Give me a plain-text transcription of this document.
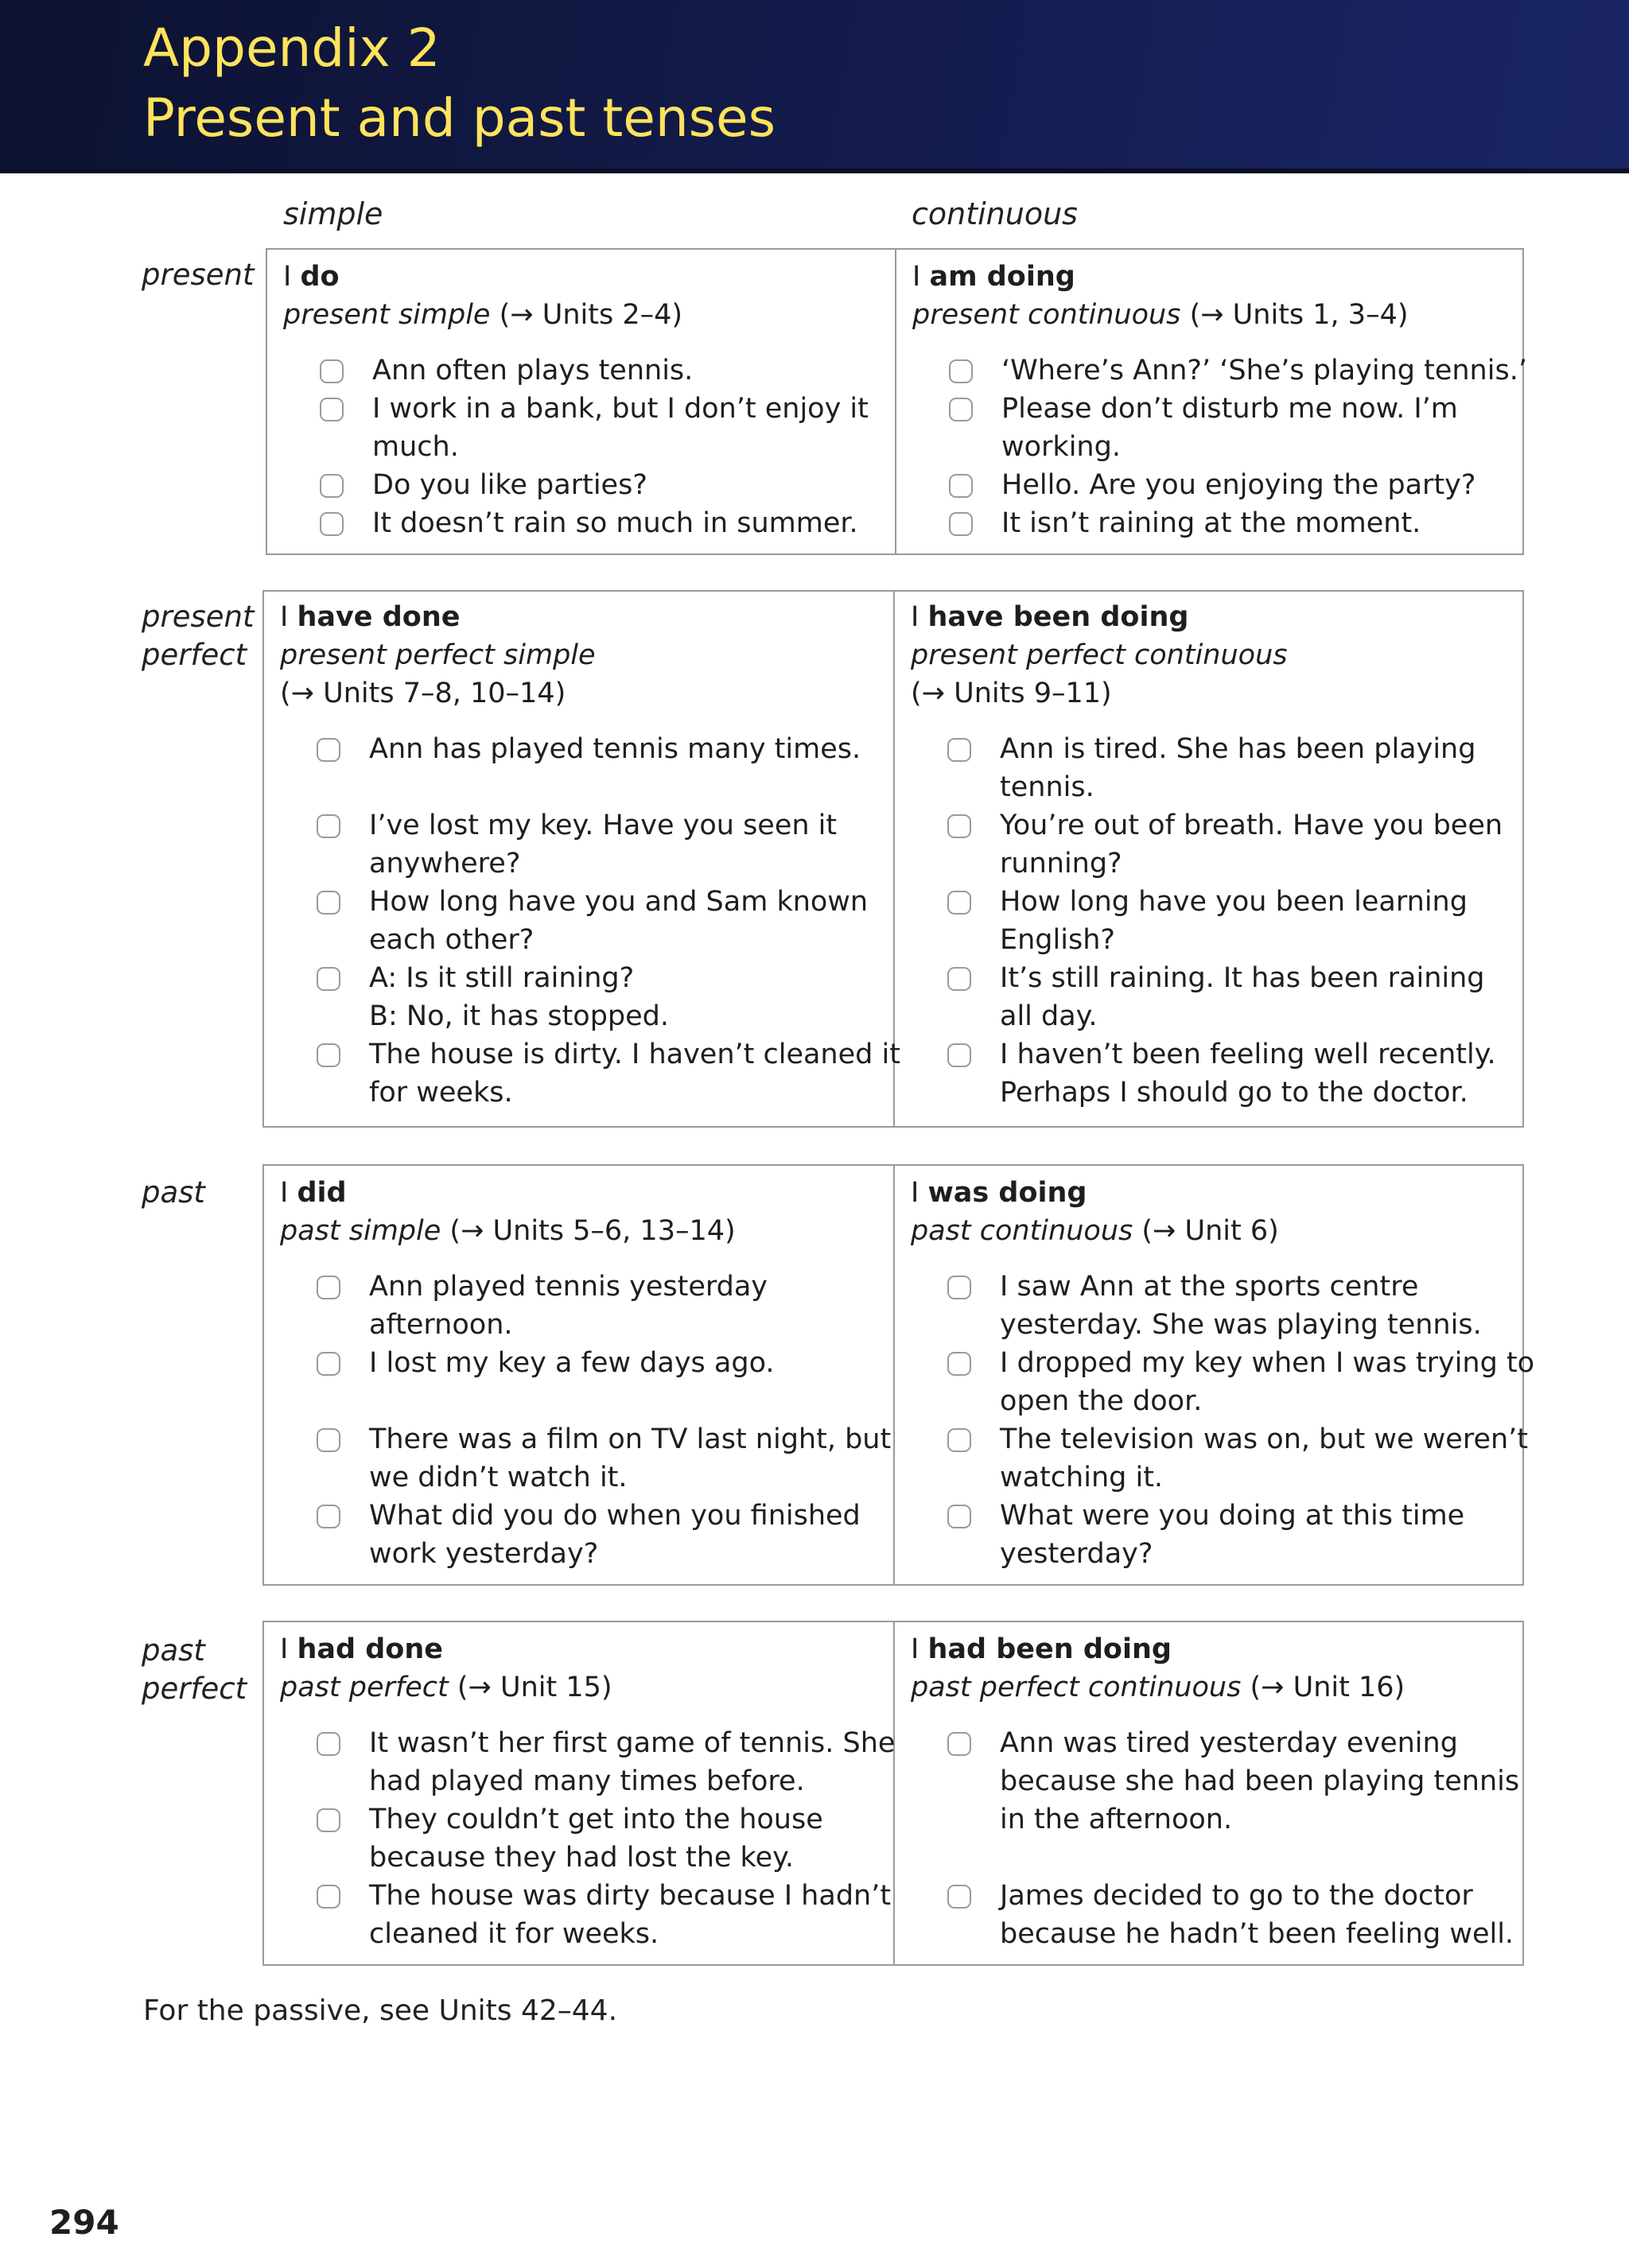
Appendix 2
Present and past tenses
simple	continuous
present I do
present simple (→ Units 2–4)
Ann often plays tennis.
I work in a bank, but I don’t enjoy it
much.
Do you like parties?
It doesn’t rain so much in summer.
I am doing
present continuous (→ Units 1, 3–4)
‘Where’s Ann?’ ‘She’s playing tennis.’
Please don’t disturb me now. I’m
working.
Hello. Are you enjoying the party?
It isn’t raining at the moment.
present
perfect
I have done
present perfect simple
(→ Units 7–8, 10–14)
Ann has played tennis many times.
I’ve lost my key. Have you seen it
anywhere?
How long have you and Sam known
each other?
A: Is it still raining?
B: No, it has stopped.
The house is dirty. I haven’t cleaned it
for weeks.
I have been doing
present perfect continuous
(→ Units 9–11)
Ann is tired. She has been playing
tennis.
You’re out of breath. Have you been
running?
How long have you been learning
English?
It’s still raining. It has been raining
all day.
I haven’t been feeling well recently.
Perhaps I should go to the doctor.
past	I did
past simple (→ Units 5–6, 13–14)
Ann played tennis yesterday
afternoon.
I lost my key a few days ago.
There was a film on TV last night, but
we didn’t watch it.
What did you do when you finished
work yesterday?
I was doing
past continuous (→ Unit 6)
I saw Ann at the sports centre
yesterday. She was playing tennis.
I dropped my key when I was trying to
open the door.
The television was on, but we weren’t
watching it.
What were you doing at this time
yesterday?
past
perfect
I had done
past perfect (→ Unit 15)
It wasn’t her first game of tennis. She
had played many times before.
They couldn’t get into the house
because they had lost the key.
The house was dirty because I hadn’t
cleaned it for weeks.
I had been doing
past perfect continuous (→ Unit 16)
Ann was tired yesterday evening
because she had been playing tennis
in the afternoon.
James decided to go to the doctor
because he hadn’t been feeling well.
For the passive, see Units 42–44.
294
